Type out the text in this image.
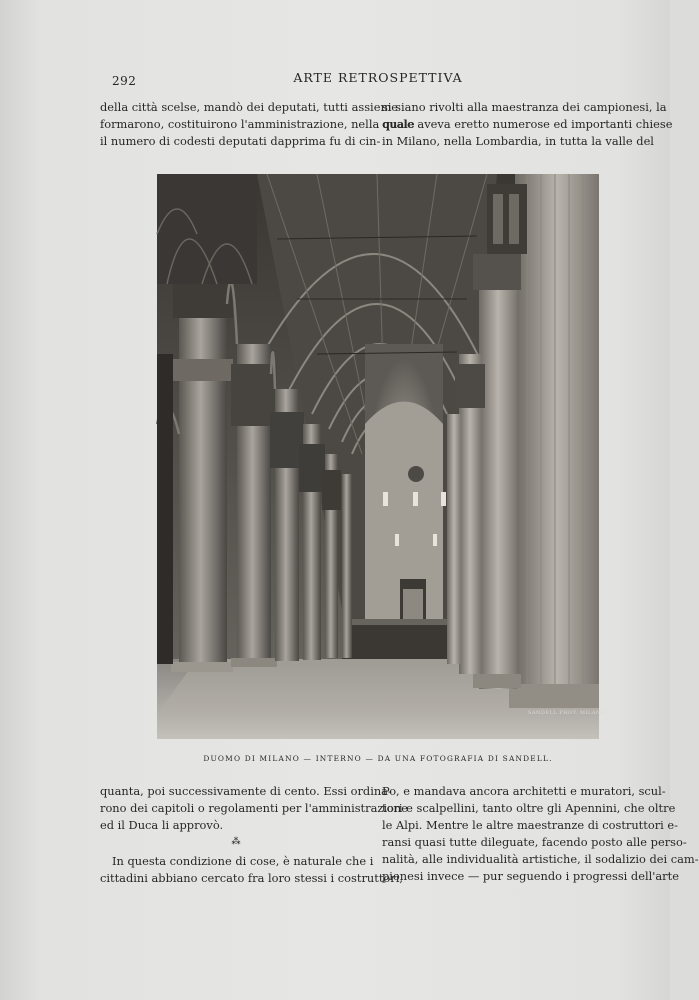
292	ARTE RETROSPETTIVA
della città scelse, mandò dei deputati, tutti assieme
formarono, costituirono l'amministrazione, nella quale
il numero di codesti deputati dapprima fu di cin-
si siano rivolti alla maestranza dei campionesi, la
quale aveva eretto numerose ed importanti chiese
in Milano, nella Lombardia, in tutta la valle del
SANDELL PHOT. MILANO
DUOMO DI MILANO — INTERNO — DA UNA FOTOGRAFIA DI SANDELL.
quanta, poi successivamente di cento. Essi ordina-
rono dei capitoli o regolamenti per l'amministrazione
ed il Duca li approvò.
⁂
In questa condizione di cose, è naturale che i
cittadini abbiano cercato fra loro stessi i costruttori,
Po, e mandava ancora architetti e muratori, scul-
tori e scalpellini, tanto oltre gli Apennini, che oltre
le Alpi. Mentre le altre maestranze di costruttori e-
ransi quasi tutte dileguate, facendo posto alle perso-
nalità, alle individualità artistiche, il sodalizio dei cam-
pionesi invece — pur seguendo i progressi dell'arte
